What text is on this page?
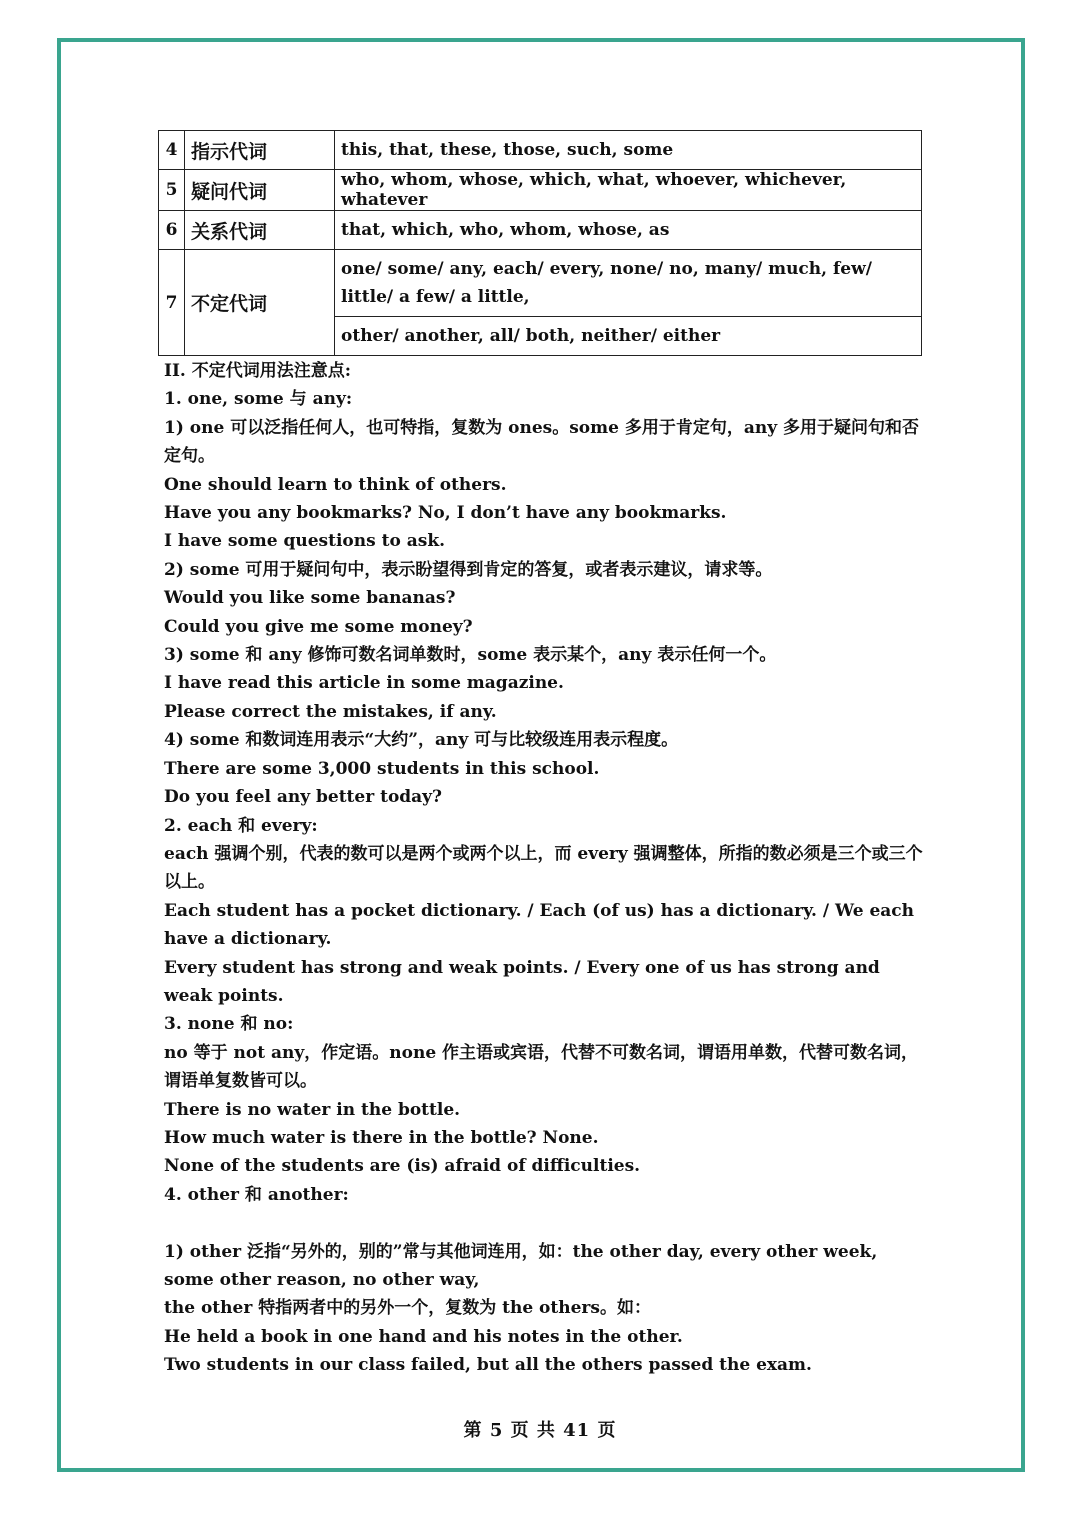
4	指示代词	this, that, these, those, such, some
5	疑问代词	who, whom, whose, which, what, whoever, whichever, whatever
6	关系代词	that, which, who, whom, whose, as
7	不定代词	one/ some/ any, each/ every, none/ no, many/ much, few/ little/ a few/ a little,
		other/ another, all/ both, neither/ either

II. 不定代词用法注意点:

1. one, some 与 any:

1) one 可以泛指任何人，也可特指，复数为 ones。some 多用于肯定句，any 多用于疑问句和否定句。

One should learn to think of others.

Have you any bookmarks? No, I don’t have any bookmarks.

I have some questions to ask.

2) some 可用于疑问句中，表示盼望得到肯定的答复，或者表示建议，请求等。

Would you like some bananas?

Could you give me some money?

3) some 和 any 修饰可数名词单数时，some 表示某个，any 表示任何一个。

I have read this article in some magazine.

Please correct the mistakes, if any.

4) some 和数词连用表示“大约”，any 可与比较级连用表示程度。

There are some 3,000 students in this school.

Do you feel any better today?

2. each 和 every:

each 强调个别，代表的数可以是两个或两个以上，而 every 强调整体，所指的数必须是三个或三个以上。

Each student has a pocket dictionary. / Each (of us) has a dictionary. / We each have a dictionary.

Every student has strong and weak points. / Every one of us has strong and weak points.

3. none 和 no:

no 等于 not any，作定语。none 作主语或宾语，代替不可数名词，谓语用单数，代替可数名词，谓语单复数皆可以。

There is no water in the bottle.

How much water is there in the bottle? None.

None of the students are (is) afraid of difficulties.

4. other 和 another:

1) other 泛指“另外的，别的”常与其他词连用，如：the other day, every other week, some other reason, no other way,

the other 特指两者中的另外一个，复数为 the others。如：

He held a book in one hand and his notes in the other.

Two students in our class failed, but all the others passed the exam.

第 5 页 共 41 页
